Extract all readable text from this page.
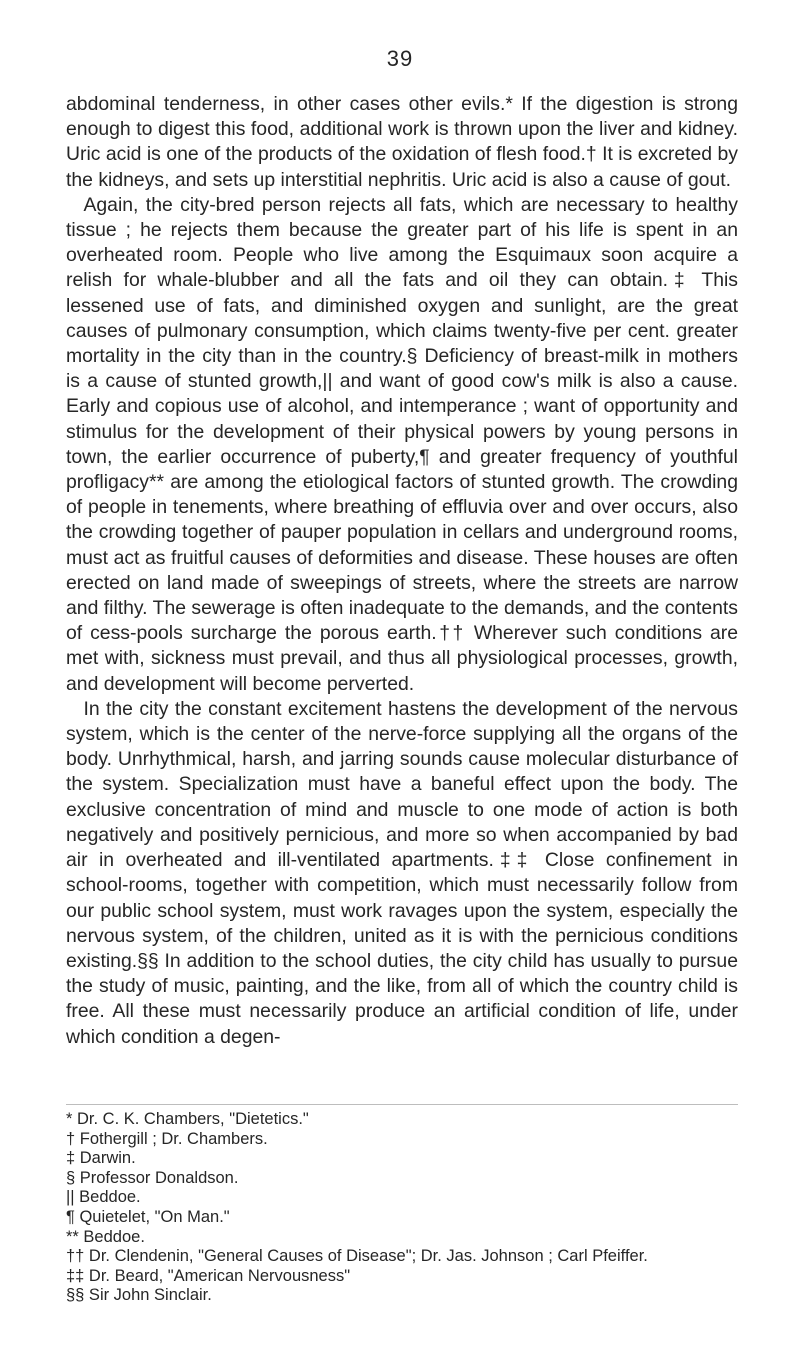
39

abdominal tenderness, in other cases other evils.* If the digestion is strong enough to digest this food, additional work is thrown upon the liver and kidney. Uric acid is one of the products of the oxidation of flesh food.† It is excreted by the kidneys, and sets up interstitial nephritis. Uric acid is also a cause of gout.

Again, the city-bred person rejects all fats, which are necessary to healthy tissue ; he rejects them because the greater part of his life is spent in an overheated room. People who live among the Esquimaux soon acquire a relish for whale-blubber and all the fats and oil they can obtain.‡ This lessened use of fats, and diminished oxygen and sunlight, are the great causes of pulmonary consumption, which claims twenty-five per cent. greater mortality in the city than in the country.§ Deficiency of breast-milk in mothers is a cause of stunted growth,|| and want of good cow's milk is also a cause. Early and copious use of alcohol, and intemperance ; want of opportunity and stimulus for the development of their physical powers by young persons in town, the earlier occurrence of puberty,¶ and greater frequency of youthful profligacy** are among the etiological factors of stunted growth. The crowding of people in tenements, where breathing of effluvia over and over occurs, also the crowding together of pauper population in cellars and underground rooms, must act as fruitful causes of deformities and disease. These houses are often erected on land made of sweepings of streets, where the streets are narrow and filthy. The sewerage is often inadequate to the demands, and the contents of cess-pools surcharge the porous earth.†† Wherever such conditions are met with, sickness must prevail, and thus all physiological processes, growth, and development will become perverted.

In the city the constant excitement hastens the development of the nervous system, which is the center of the nerve-force supplying all the organs of the body. Unrhythmical, harsh, and jarring sounds cause molecular disturbance of the system. Specialization must have a baneful effect upon the body. The exclusive concentration of mind and muscle to one mode of action is both negatively and positively pernicious, and more so when accompanied by bad air in overheated and ill-ventilated apartments.‡‡ Close confinement in school-rooms, together with competition, which must necessarily follow from our public school system, must work ravages upon the system, especially the nervous system, of the children, united as it is with the pernicious conditions existing.§§ In addition to the school duties, the city child has usually to pursue the study of music, painting, and the like, from all of which the country child is free. All these must necessarily produce an artificial condition of life, under which condition a degen-

* Dr. C. K. Chambers, "Dietetics."
† Fothergill ; Dr. Chambers.
‡ Darwin.
§ Professor Donaldson.
|| Beddoe.
¶ Quietelet, "On Man."
** Beddoe.
†† Dr. Clendenin, "General Causes of Disease"; Dr. Jas. Johnson ; Carl Pfeiffer.
‡‡ Dr. Beard, "American Nervousness"
§§ Sir John Sinclair.
